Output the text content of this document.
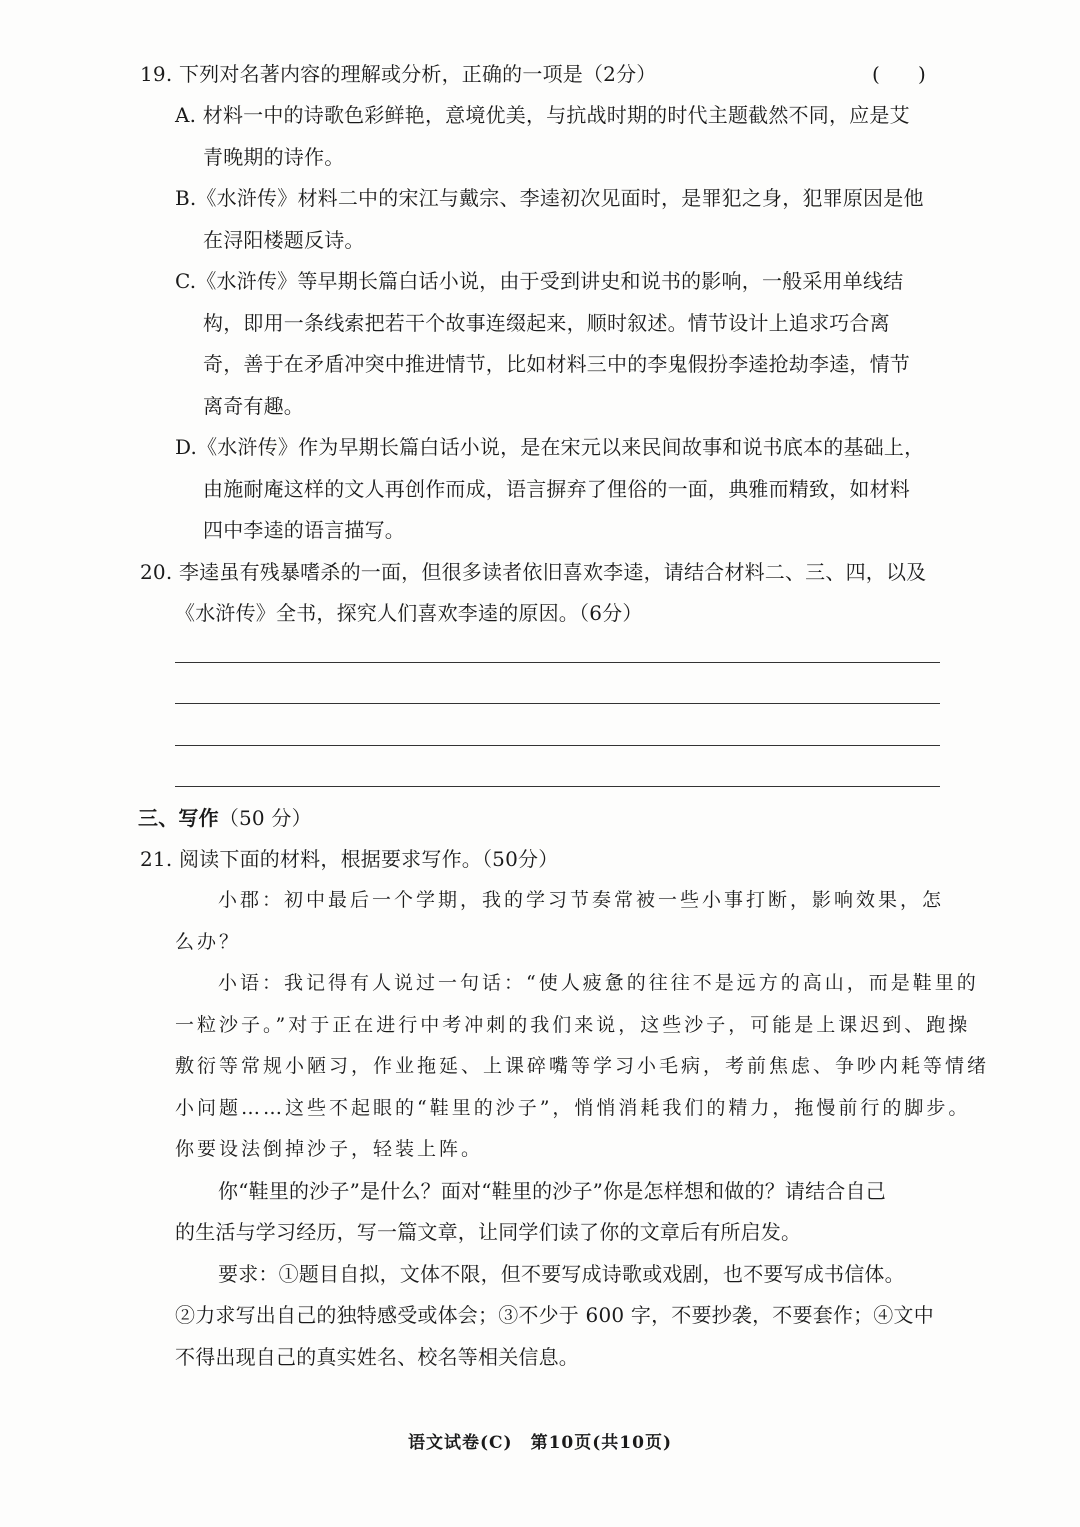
19. 下列对名著内容的理解或分析，正确的一项是（2分）	(      )
A. 材料一中的诗歌色彩鲜艳，意境优美，与抗战时期的时代主题截然不同，应是艾
青晚期的诗作。
B.《水浒传》材料二中的宋江与戴宗、李逵初次见面时，是罪犯之身，犯罪原因是他
在浔阳楼题反诗。
C.《水浒传》等早期长篇白话小说，由于受到讲史和说书的影响，一般采用单线结
构，即用一条线索把若干个故事连缀起来，顺时叙述。情节设计上追求巧合离
奇，善于在矛盾冲突中推进情节，比如材料三中的李鬼假扮李逵抢劫李逵，情节
离奇有趣。
D.《水浒传》作为早期长篇白话小说，是在宋元以来民间故事和说书底本的基础上，
由施耐庵这样的文人再创作而成，语言摒弃了俚俗的一面，典雅而精致，如材料
四中李逵的语言描写。
20. 李逵虽有残暴嗜杀的一面，但很多读者依旧喜欢李逵，请结合材料二、三、四，以及
《水浒传》全书，探究人们喜欢李逵的原因。（6分）
三、写作（50 分）
21. 阅读下面的材料，根据要求写作。（50分）
小郡：初中最后一个学期，我的学习节奏常被一些小事打断，影响效果，怎
么办？
小语：我记得有人说过一句话：“使人疲惫的往往不是远方的高山，而是鞋里的
一粒沙子。”对于正在进行中考冲刺的我们来说，这些沙子，可能是上课迟到、跑操
敷衍等常规小陋习，作业拖延、上课碎嘴等学习小毛病，考前焦虑、争吵内耗等情绪
小问题……这些不起眼的“鞋里的沙子”，悄悄消耗我们的精力，拖慢前行的脚步。
你要设法倒掉沙子，轻装上阵。
你“鞋里的沙子”是什么？面对“鞋里的沙子”你是怎样想和做的？请结合自己
的生活与学习经历，写一篇文章，让同学们读了你的文章后有所启发。
要求：①题目自拟，文体不限，但不要写成诗歌或戏剧，也不要写成书信体。
②力求写出自己的独特感受或体会；③不少于 600 字，不要抄袭，不要套作；④文中
不得出现自己的真实姓名、校名等相关信息。
语文试卷(C)　第10页(共10页)
